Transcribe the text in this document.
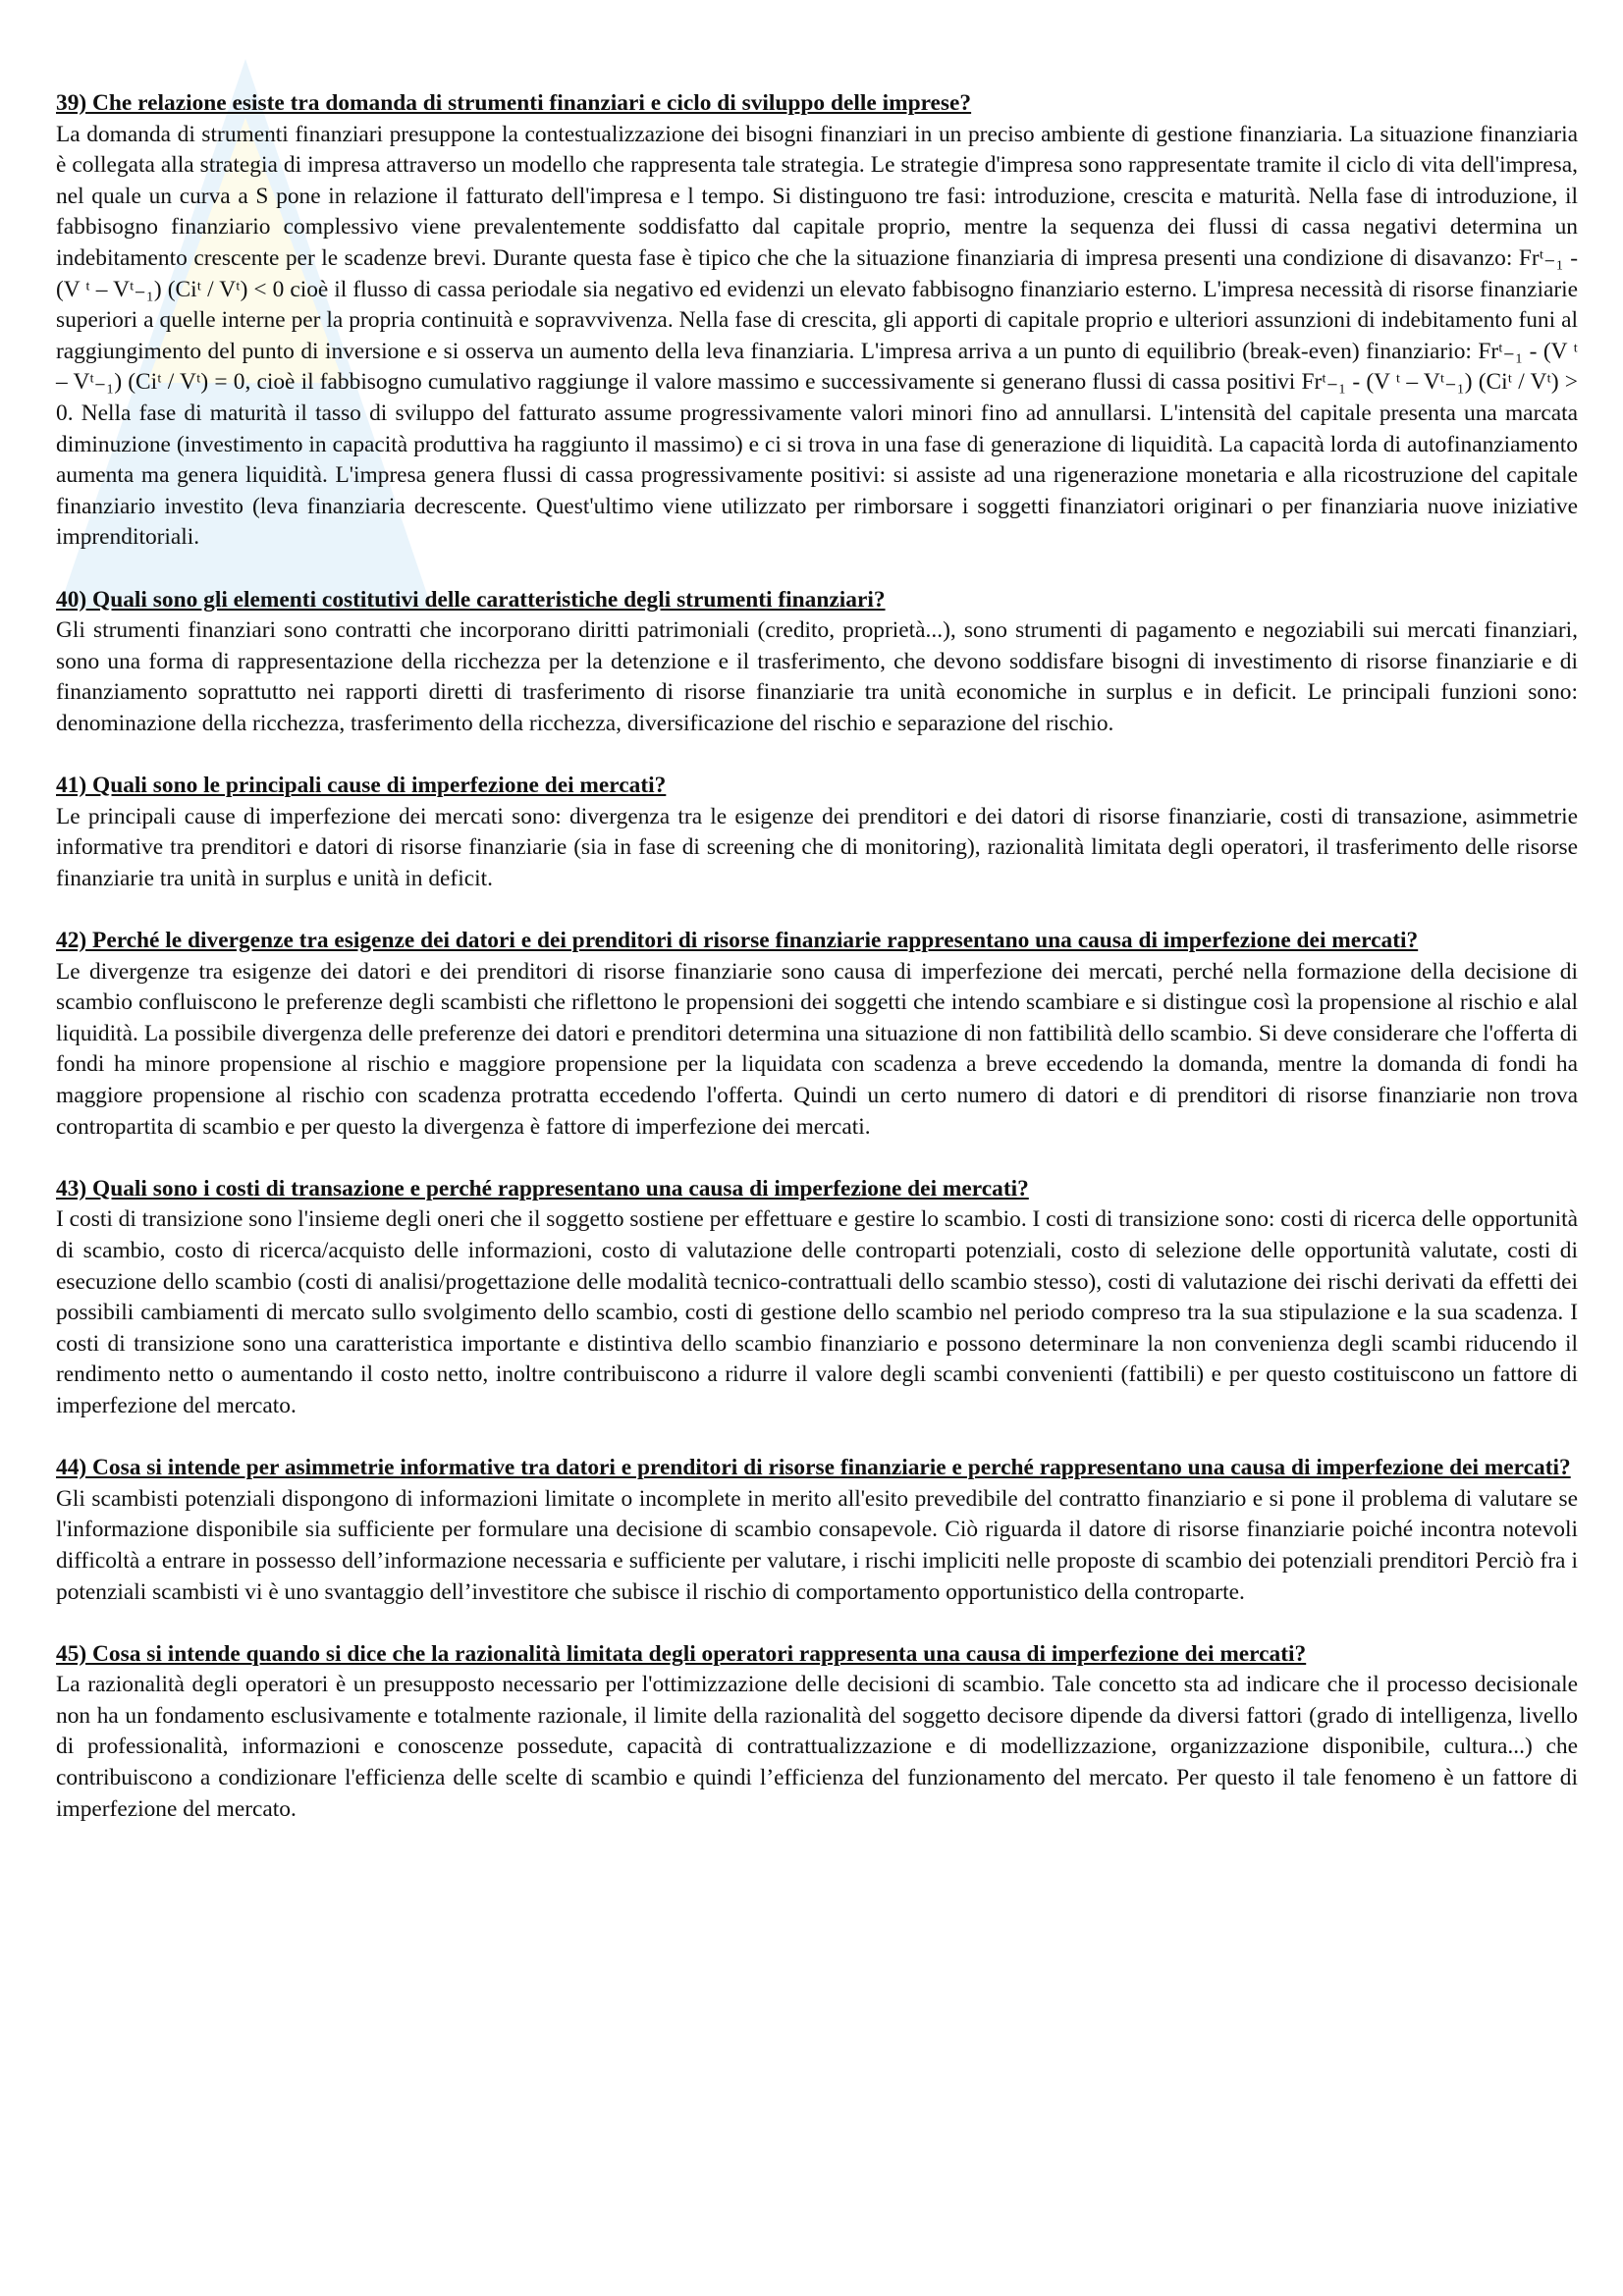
39) Che relazione esiste tra domanda di strumenti finanziari e ciclo di sviluppo delle imprese?

La domanda di strumenti finanziari presuppone la contestualizzazione dei bisogni finanziari in un preciso ambiente di gestione finanziaria. La situazione finanziaria è collegata alla strategia di impresa attraverso un modello che rappresenta tale strategia. Le strategie d'impresa sono rappresentate tramite il ciclo di vita dell'impresa, nel quale un curva a S pone in relazione il fatturato dell'impresa e l tempo. Si distinguono tre fasi: introduzione, crescita e maturità. Nella fase di introduzione, il fabbisogno finanziario complessivo viene prevalentemente soddisfatto dal capitale proprio, mentre la sequenza dei flussi di cassa negativi determina un indebitamento crescente per le scadenze brevi. Durante questa fase è tipico che che la situazione finanziaria di impresa presenti una condizione di disavanzo: Frᵗ₋₁ - (V ᵗ – Vᵗ₋₁) (Ciᵗ / Vᵗ) < 0 cioè il flusso di cassa periodale sia negativo ed evidenzi un elevato fabbisogno finanziario esterno. L'impresa necessità di risorse finanziarie superiori a quelle interne per la propria continuità e sopravvivenza. Nella fase di crescita, gli apporti di capitale proprio e ulteriori assunzioni di indebitamento funi al raggiungimento del punto di inversione e si osserva un aumento della leva finanziaria. L'impresa arriva a un punto di equilibrio (break-even) finanziario: Frᵗ₋₁ - (V ᵗ – Vᵗ₋₁) (Ciᵗ / Vᵗ) = 0, cioè il fabbisogno cumulativo raggiunge il valore massimo e successivamente si generano flussi di cassa positivi Frᵗ₋₁ - (V ᵗ – Vᵗ₋₁) (Ciᵗ / Vᵗ) > 0. Nella fase di maturità il tasso di sviluppo del fatturato assume progressivamente valori minori fino ad annullarsi. L'intensità del capitale presenta una marcata diminuzione (investimento in capacità produttiva ha raggiunto il massimo) e ci si trova in una fase di generazione di liquidità. La capacità lorda di autofinanziamento aumenta ma genera liquidità. L'impresa genera flussi di cassa progressivamente positivi: si assiste ad una rigenerazione monetaria e alla ricostruzione del capitale finanziario investito (leva finanziaria decrescente. Quest'ultimo viene utilizzato per rimborsare i soggetti finanziatori originari o per finanziaria nuove iniziative imprenditoriali.

40) Quali sono gli elementi costitutivi delle caratteristiche degli strumenti finanziari?

Gli strumenti finanziari sono contratti che incorporano diritti patrimoniali (credito, proprietà...), sono strumenti di pagamento e negoziabili sui mercati finanziari, sono una forma di rappresentazione della ricchezza per la detenzione e il trasferimento, che devono soddisfare bisogni di investimento di risorse finanziarie e di finanziamento soprattutto nei rapporti diretti di trasferimento di risorse finanziarie tra unità economiche in surplus e in deficit. Le principali funzioni sono: denominazione della ricchezza, trasferimento della ricchezza, diversificazione del rischio e separazione del rischio.

41) Quali sono le principali cause di imperfezione dei mercati?

Le principali cause di imperfezione dei mercati sono: divergenza tra le esigenze dei prenditori e dei datori di risorse finanziarie, costi di transazione, asimmetrie informative tra prenditori e datori di risorse finanziarie (sia in fase di screening che di monitoring), razionalità limitata degli operatori, il trasferimento delle risorse finanziarie tra unità in surplus e unità in deficit.

42) Perché le divergenze tra esigenze dei datori e dei prenditori di risorse finanziarie rappresentano una causa di imperfezione dei mercati?

Le divergenze tra esigenze dei datori e dei prenditori di risorse finanziarie sono causa di imperfezione dei mercati, perché nella formazione della decisione di scambio confluiscono le preferenze degli scambisti che riflettono le propensioni dei soggetti che intendo scambiare e si distingue così la propensione al rischio e alal liquidità. La possibile divergenza delle preferenze dei datori e prenditori determina una situazione di non fattibilità dello scambio. Si deve considerare che l'offerta di fondi ha minore propensione al rischio e maggiore propensione per la liquidata con scadenza a breve eccedendo la domanda, mentre la domanda di fondi ha maggiore propensione al rischio con scadenza protratta eccedendo l'offerta. Quindi un certo numero di datori e di prenditori di risorse finanziarie non trova contropartita di scambio e per questo la divergenza è fattore di imperfezione dei mercati.

43) Quali sono i costi di transazione e perché rappresentano una causa di imperfezione dei mercati?

I costi di transizione sono l'insieme degli oneri che il soggetto sostiene per effettuare e gestire lo scambio. I costi di transizione sono: costi di ricerca delle opportunità di scambio, costo di ricerca/acquisto delle informazioni, costo di valutazione delle controparti potenziali, costo di selezione delle opportunità valutate, costi di esecuzione dello scambio (costi di analisi/progettazione delle modalità tecnico-contrattuali dello scambio stesso), costi di valutazione dei rischi derivati da effetti dei possibili cambiamenti di mercato sullo svolgimento dello scambio, costi di gestione dello scambio nel periodo compreso tra la sua stipulazione e la sua scadenza. I costi di transizione sono una caratteristica importante e distintiva dello scambio finanziario e possono determinare la non convenienza degli scambi riducendo il rendimento netto o aumentando il costo netto, inoltre contribuiscono a ridurre il valore degli scambi convenienti (fattibili) e per questo costituiscono un fattore di imperfezione del mercato.

44) Cosa si intende per asimmetrie informative tra datori e prenditori di risorse finanziarie e perché rappresentano una causa di imperfezione dei mercati?

Gli scambisti potenziali dispongono di informazioni limitate o incomplete in merito all'esito prevedibile del contratto finanziario e si pone il problema di valutare se l'informazione disponibile sia sufficiente per formulare una decisione di scambio consapevole. Ciò riguarda il datore di risorse finanziarie poiché incontra notevoli difficoltà a entrare in possesso dell’informazione necessaria e sufficiente per valutare, i rischi impliciti nelle proposte di scambio dei potenziali prenditori Perciò fra i potenziali scambisti vi è uno svantaggio dell’investitore che subisce il rischio di comportamento opportunistico della controparte.

45) Cosa si intende quando si dice che la razionalità limitata degli operatori rappresenta una causa di imperfezione dei mercati?

La razionalità degli operatori è un presupposto necessario per l'ottimizzazione delle decisioni di scambio. Tale concetto sta ad indicare che il processo decisionale non ha un fondamento esclusivamente e totalmente razionale, il limite della razionalità del soggetto decisore dipende da diversi fattori (grado di intelligenza, livello di professionalità, informazioni e conoscenze possedute, capacità di contrattualizzazione e di modellizzazione, organizzazione disponibile, cultura...) che contribuiscono a condizionare l'efficienza delle scelte di scambio e quindi l’efficienza del funzionamento del mercato. Per questo il tale fenomeno è un fattore di imperfezione del mercato.
